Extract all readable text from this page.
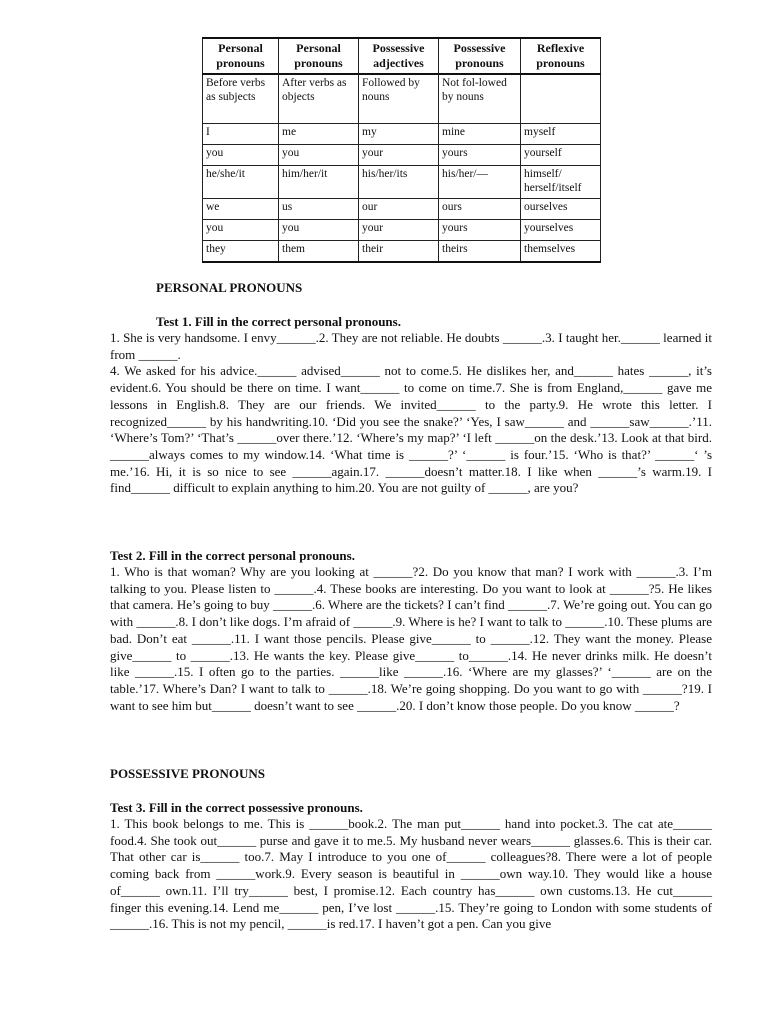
Personal pronouns	Personal pronouns	Possessive adjectives	Possessive pronouns	Reflexive pronouns
Before verbs as subjects	After verbs as objects	Followed by nouns	Not fol-lowed by nouns	
I	me	my	mine	myself
you	you	your	yours	yourself
he/she/it	him/her/it	his/her/its	his/her/—	himself/ herself/itself
we	us	our	ours	ourselves
you	you	your	yours	yourselves
they	them	their	theirs	themselves
PERSONAL PRONOUNS
Test 1. Fill in the correct personal pronouns.

1. She is very handsome. I envy______.2. They are not reliable. He doubts ______.3. I taught her.______ learned it from ______.
4. We asked for his advice.______ advised______ not to come.5. He dislikes her, and______ hates ______, it’s evident.6. You should be there on time. I want______ to come on time.7. She is from England,______ gave me lessons in English.8. They are our friends. We invited______ to the party.9. He wrote this letter. I recognized______ by his handwriting.10. ‘Did you see the snake?’ ‘Yes, I saw______ and ______saw______.’11. ‘Where’s Tom?’ ‘That’s ______over there.’12. ‘Where’s my map?’ ‘I left ______on the desk.’13. Look at that bird. ______always comes to my window.14. ‘What time is ______?’ ‘______ is four.’15. ‘Who is that?’ ______‘ ’s me.’16. Hi, it is so nice to see ______again.17. ______doesn’t matter.18. I like when ______’s warm.19. I find______ difficult to explain anything to him.20. You are not guilty of ______, are you?

Test 2. Fill in the correct personal pronouns.

1. Who is that woman? Why are you looking at ______?2. Do you know that man? I work with ______.3. I’m talking to you. Please listen to ______.4. These books are interesting. Do you want to look at ______?5. He likes that camera. He’s going to buy ______.6. Where are the tickets? I can’t find ______.7. We’re going out. You can go with ______.8. I don’t like dogs. I’m afraid of ______.9. Where is he? I want to talk to ______.10. These plums are bad. Don’t eat ______.11. I want those pencils. Please give______ to ______.12. They want the money. Please give______ to ______.13. He wants the key. Please give______ to______.14. He never drinks milk. He doesn’t like ______.15. I often go to the parties. ______like ______.16. ‘Where are my glasses?’ ‘______ are on the table.’17. Where’s Dan? I want to talk to ______.18. We’re going shopping. Do you want to go with ______?19. I want to see him but______ doesn’t want to see ______.20. I don’t know those people. Do you know ______?

POSSESSIVE PRONOUNS
Test 3. Fill in the correct possessive pronouns.

1. This book belongs to me. This is ______book.2. The man put______ hand into pocket.3. The cat ate______ food.4. She took out______ purse and gave it to me.5. My husband never wears______ glasses.6. This is their car. That other car is______ too.7. May I introduce to you one of______ colleagues?8. There were a lot of people coming back from ______work.9. Every season is beautiful in ______own way.10. They would like a house of______ own.11. I’ll try______ best, I promise.12. Each country has______ own customs.13. He cut______ finger this evening.14. Lend me______ pen, I’ve lost ______.15. They’re going to London with some students of ______.16. This is not my pencil, ______is red.17. I haven’t got a pen. Can you give
